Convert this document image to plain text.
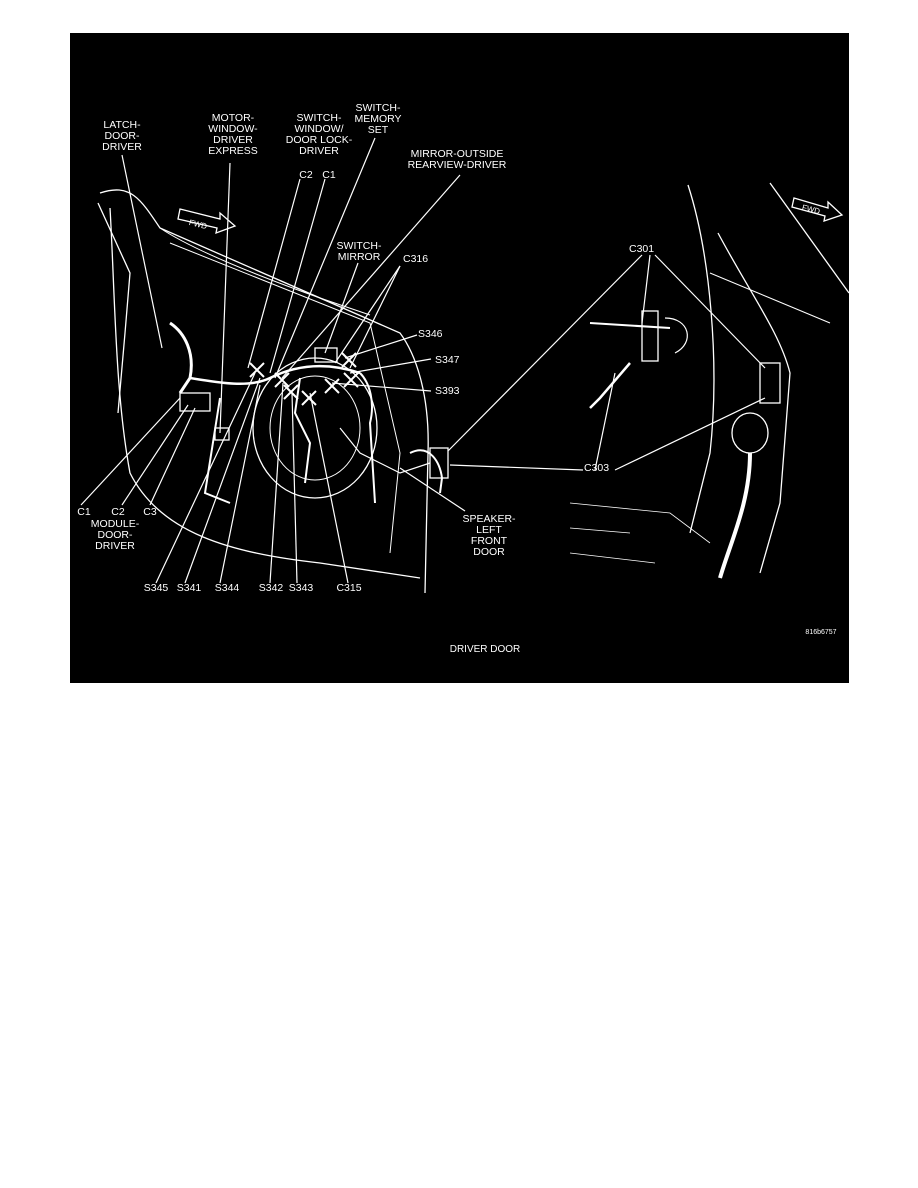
LATCH-
DOOR-
DRIVER
MOTOR-
WINDOW-
DRIVER
EXPRESS
SWITCH-
WINDOW/
DOOR LOCK-
DRIVER
C2 C1
SWITCH-
MEMORY
SET
MIRROR-OUTSIDE
REARVIEW-DRIVER
SWITCH-
MIRROR	C316
S346
S347
S393
C301
C303
SPEAKER-
LEFT
FRONT
DOOR
C1	C2	C3
MODULE-
DOOR-
DRIVER
S345 S341	S344	S342 S343	C315
FWD
FWD
816b6757
DRIVER DOOR
